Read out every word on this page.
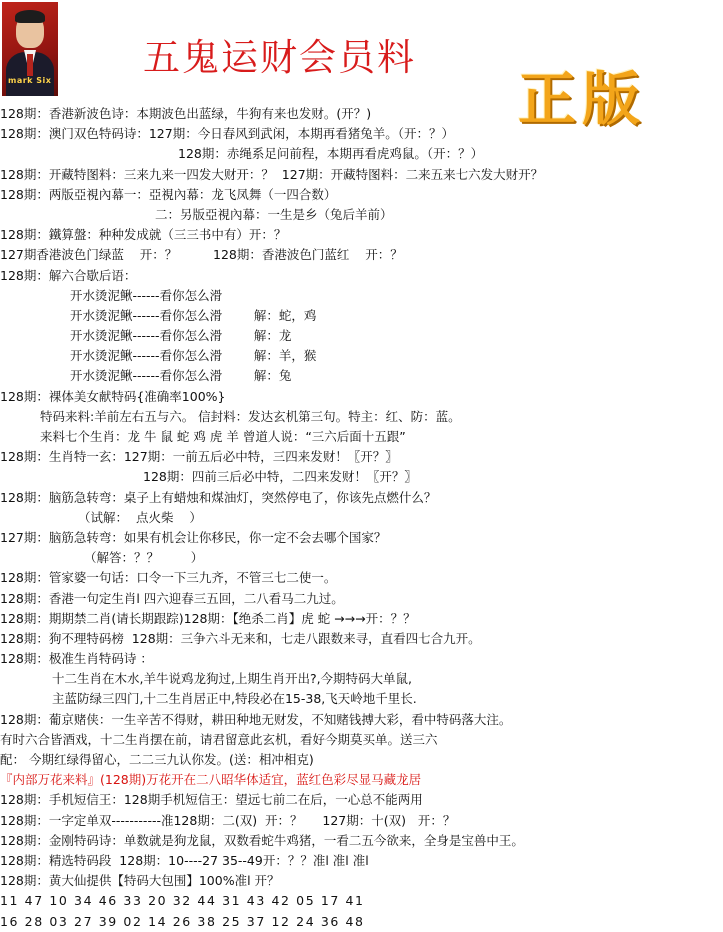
mark Six
五鬼运财会员料
正版
128期：香港新波色诗：本期波色出蓝绿，牛狗有来也发财。(开？)
128期：澳门双色特码诗：127期：今日春风到武闲，本期再看猪兔羊。（开：？）
128期：赤绳系足问前程，本期再看虎鸡鼠。（开：？）
128期：开藏特图料：三来九来一四发大财开：？  127期：开藏特图料：二来五来七六发大财开？
128期：两版亞視內幕一：亞視內幕：龙飞凤舞（一四合数）
二：另版亞視內幕：一生是乡（兔后羊前）
128期：鐵算盤：种种发成就（三三书中有）开：？
127期香港波色门绿蓝    开：？         128期：香港波色门蓝红    开：？
128期：解六合歇后语：
开水烫泥鳅------看你怎么滑
开水烫泥鳅------看你怎么滑        解：蛇，鸡
开水烫泥鳅------看你怎么滑        解：龙
开水烫泥鳅------看你怎么滑        解：羊，猴
开水烫泥鳅------看你怎么滑        解：兔
128期：裸体美女献特码{准确率100%}
特码来料:羊前左右五与六。 信封料：发达玄机第三句。特主：红、防：蓝。
来料七个生肖：龙 牛 鼠 蛇 鸡 虎 羊 曾道人说：“三六后面十五跟”
128期：生肖特一玄：127期：一前五后必中特，三四来发财！〖开？〗
128期：四前三后必中特，二四来发财！〖开？〗
128期：脑筋急转弯：桌子上有蜡烛和煤油灯，突然停电了，你该先点燃什么？
（试解：  点火柴    ）
127期：脑筋急转弯：如果有机会让你移民，你一定不会去哪个国家？
（解答：？？        ）
128期：管家婆一句话：口令一下三九齐，不管三七二使一。
128期：香港一句定生肖l 四六迎春三五回，二八看马二九过。
128期：期期禁二肖(请长期跟踪)128期：【绝杀二肖】虎 蛇 →→→开：？？
128期：狗不理特码榜  128期：三争六斗无来和，七走八跟数来寻，直看四七合九开。
128期：极准生肖特码诗 ：
十二生肖在木水,羊牛说鸡龙狗过,上期生肖开出?,今期特码大单鼠,
主蓝防绿三四门,十二生肖居正中,特段必在15-38,飞天岭地千里长.
128期：葡京赌侠：一生辛苦不得财，耕田种地无财发，不知赌钱搏大彩，看中特码落大注。
有时六合皆酒戏，十二生肖摆在前，请君留意此玄机，看好今期莫买单。送三六
配： 今期红绿得留心，二二三九认你发。(送：相冲相克)
『内部万花来料』(128期)万花开在二八昭华体适宜，蓝红色彩尽显马藏龙居
128期：手机短信王：128期手机短信王：望远七前二在后，一心总不能两用
128期：一字定单双-----------准128期：二(双)  开：？     127期：十(双)   开：？
128期：金刚特码诗：单数就是狗龙鼠，双数看蛇牛鸡猪，一看二五今欲来，全身是宝兽中王。
128期：精选特码段  128期：10----27 35--49开：？？准l 准l 准l
128期：黄大仙提供【特码大包围】100%准l 开？
11 47 10 34 46 33 20 32 44 31 43 42 05 17 41
16 28 03 27 39 02 14 26 38 25 37 12 24 36 48
